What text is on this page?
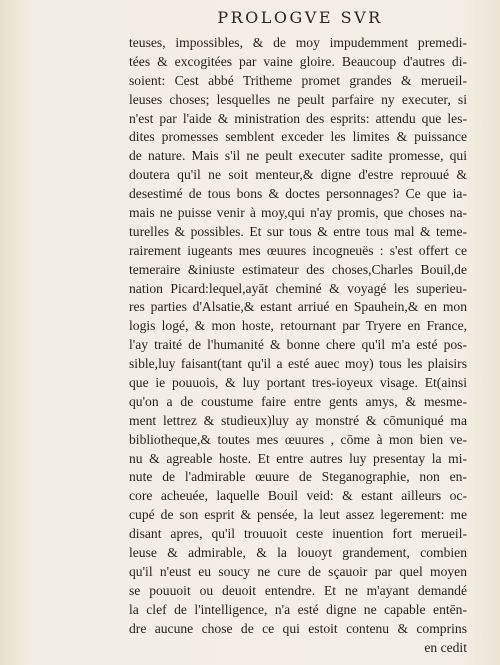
PROLOGVE SVR
teuses, impossibles, & de moy impudemment premedi-
tées & excogitées par vaine gloire. Beaucoup d'autres di-
soient: Cest abbé Tritheme promet grandes & merueil-
leuses choses; lesquelles ne peult parfaire ny executer, si
n'est par l'aide & ministration des esprits: attendu que les-
dites promesses semblent exceder les limites & puissance
de nature. Mais s'il ne peult executer sadite promesse, qui
doutera qu'il ne soit menteur,& digne d'estre reprouué &
desestimé de tous bons & doctes personnages? Ce que ia-
mais ne puisse venir à moy,qui n'ay promis, que choses na-
turelles & possibles. Et sur tous & entre tous mal & teme-
rairement iugeants mes œuures incogneuës : s'est offert ce
temeraire &iniuste estimateur des choses,Charles Bouil,de
nation Picard:lequel,ayāt cheminé & voyagé les superieu-
res parties d'Alsatie,& estant arriué en Spauhein,& en mon
logis logé, & mon hoste, retournant par Tryere en France,
l'ay traité de l'humanité & bonne chere qu'il m'a esté pos-
sible,luy faisant(tant qu'il a esté auec moy) tous les plaisirs
que ie pouuois, & luy portant tres-ioyeux visage. Et(ainsi
qu'on a de coustume faire entre gents amys, & mesme-
ment lettrez & studieux)luy ay monstré & cōmuniqué ma
bibliotheque,& toutes mes œuures , cōme à mon bien ve-
nu & agreable hoste. Et entre autres luy presentay la mi-
nute de l'admirable œuure de Steganographie, non en-
core acheuée, laquelle Bouil veid: & estant ailleurs oc-
cupé de son esprit & pensée, la leut assez legerement: me
disant apres, qu'il trouuoit ceste inuention fort merueil-
leuse & admirable, & la louoyt grandement, combien
qu'il n'eust eu soucy ne cure de sçauoir par quel moyen
se pouuoit ou deuoit entendre. Et ne m'ayant demandé
la clef de l'intelligence, n'a esté digne ne capable entēn-
dre aucune chose de ce qui estoit contenu & comprins
en cedit
